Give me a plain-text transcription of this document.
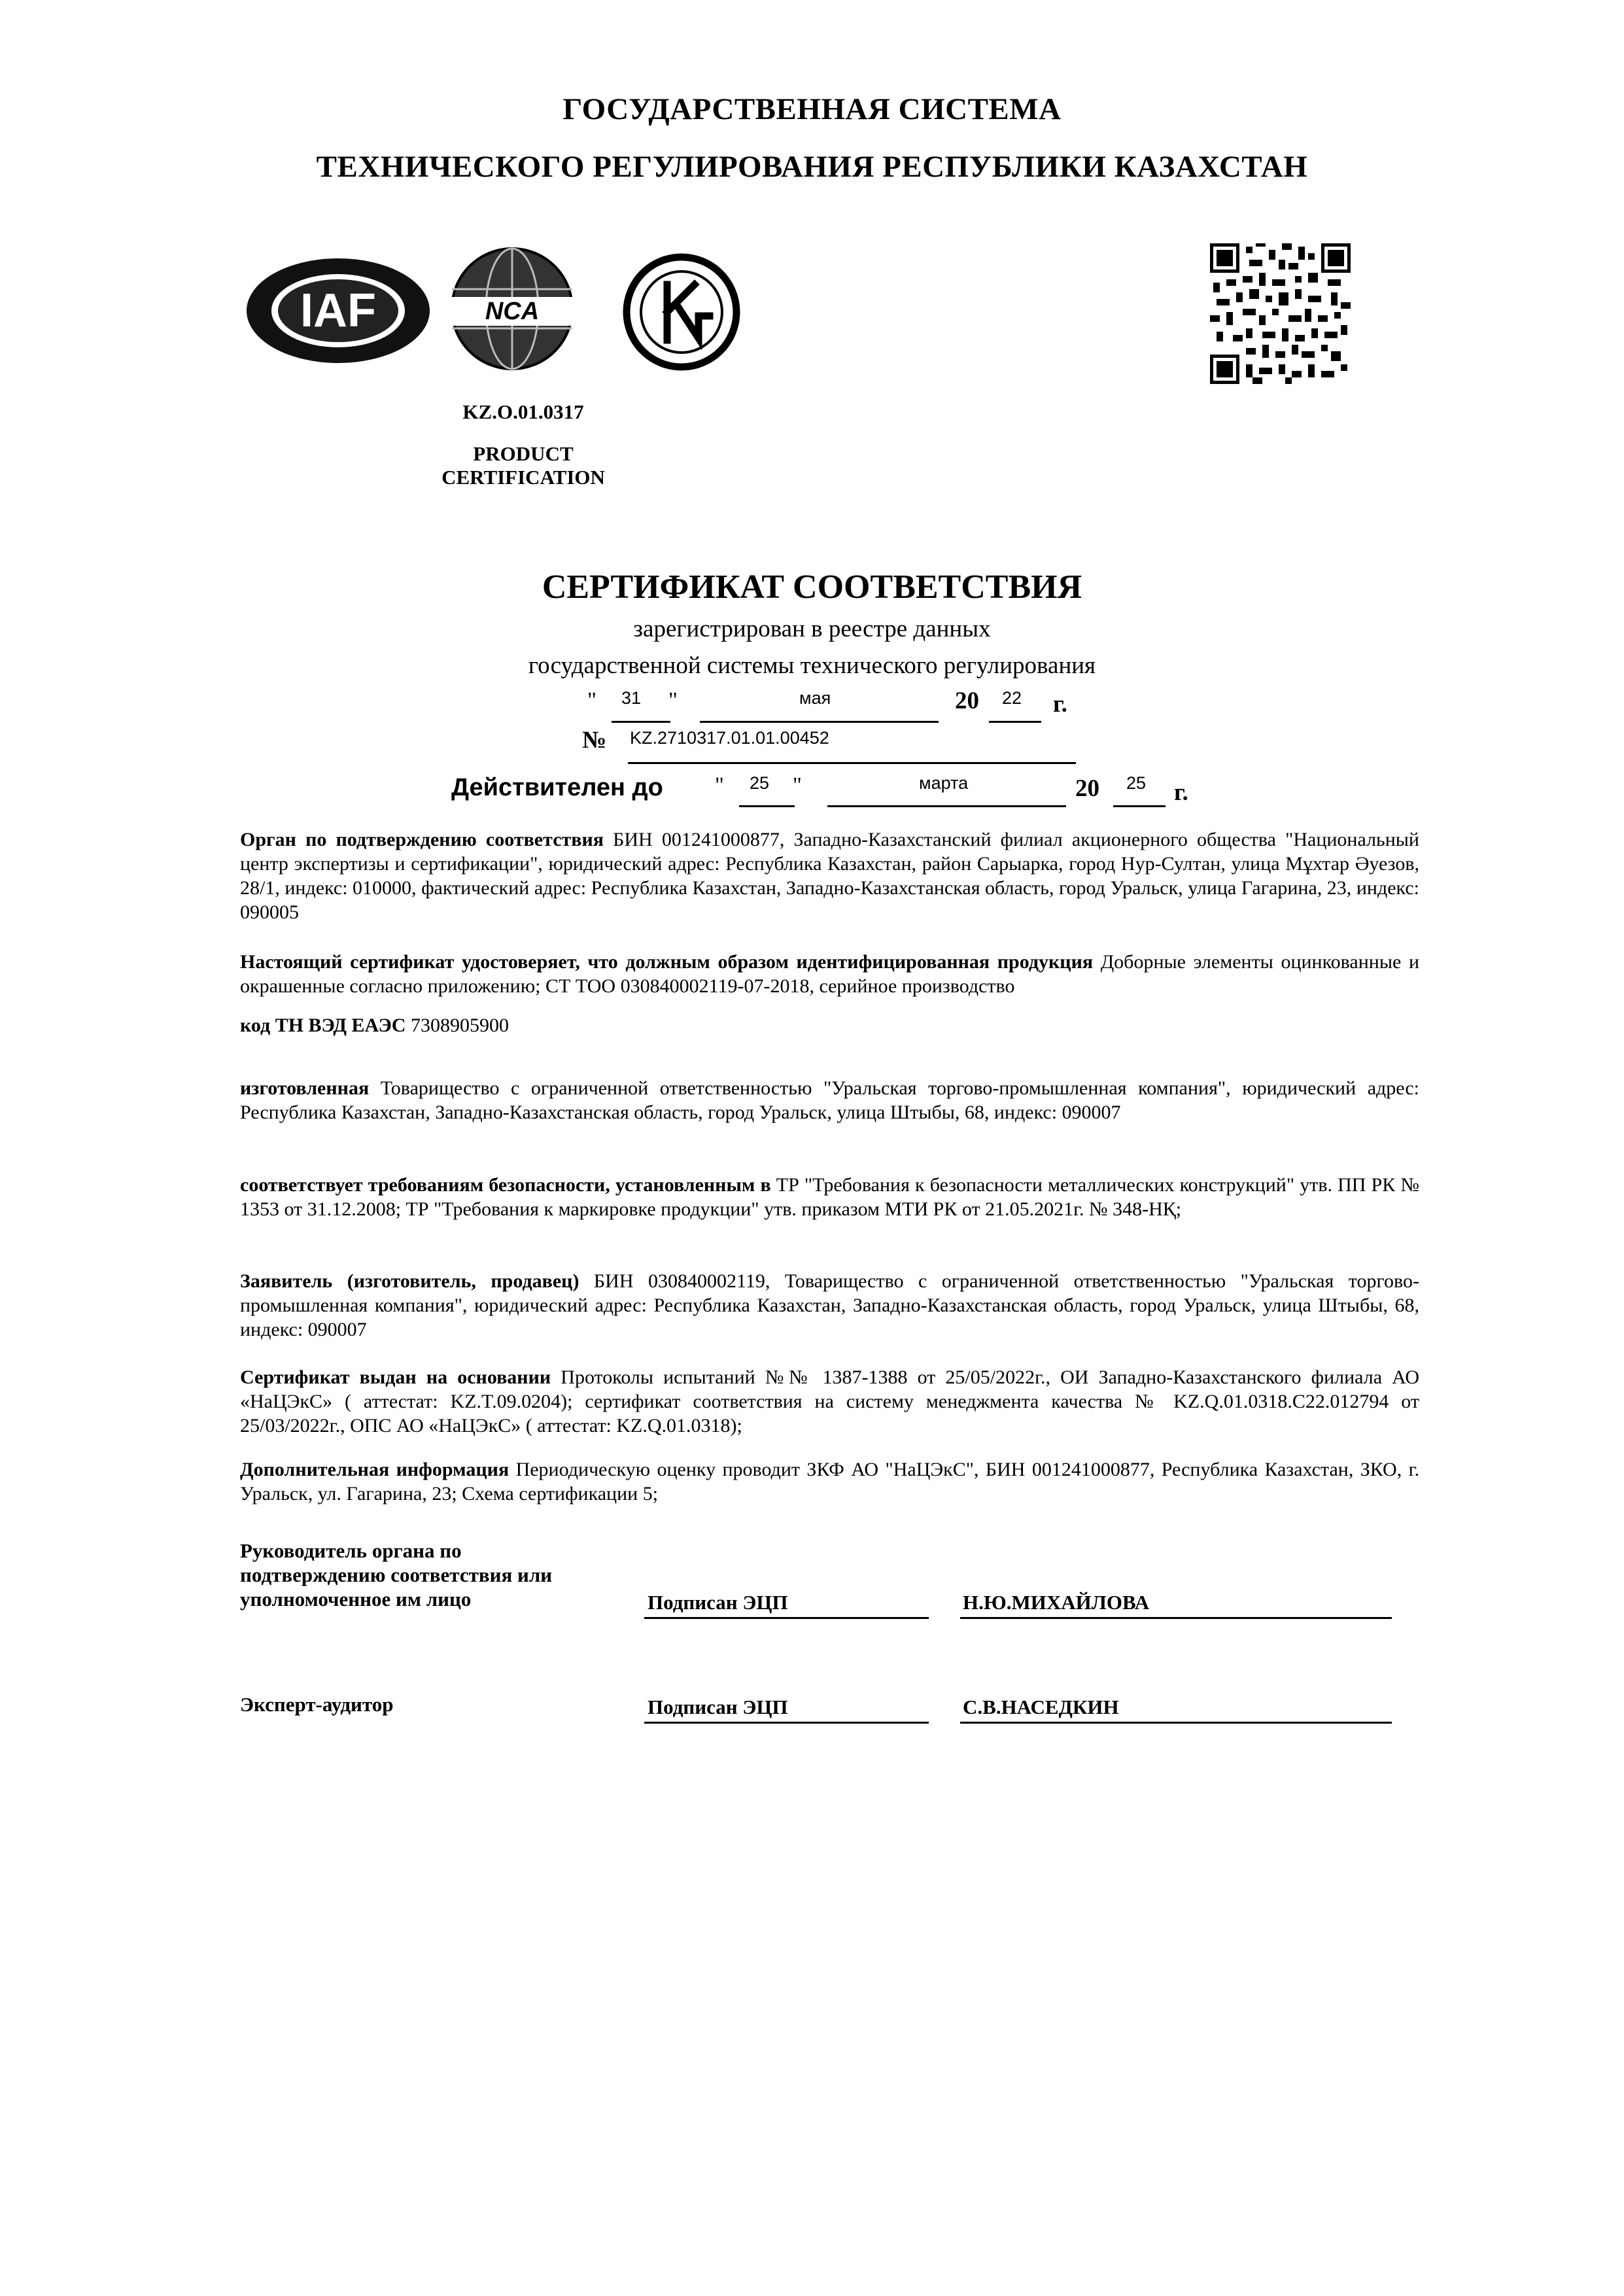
ГОСУДАРСТВЕННАЯ СИСТЕМА
ТЕХНИЧЕСКОГО РЕГУЛИРОВАНИЯ РЕСПУБЛИКИ КАЗАХСТАН
IAF	NCA
KZ.O.01.0317
PRODUCT
CERTIFICATION
СЕРТИФИКАТ СООТВЕТСТВИЯ
зарегистрирован в реестре данных
государственной системы технического регулирования
" 31 "	мая	20 22 г.
№ KZ.2710317.01.01.00452
Действителен до " 25 "	марта	20 25 г.
Орган по подтверждению соответствия БИН 001241000877, Западно-Казахстанский филиал акционерного общества "Национальный центр экспертизы и сертификации", юридический адрес: Республика Казахстан, район Сарыарка, город Нур-Султан, улица Мұхтар Әуезов, 28/1, индекс: 010000, фактический адрес: Республика Казахстан, Западно-Казахстанская область, город Уральск, улица Гагарина, 23, индекс: 090005
Настоящий сертификат удостоверяет, что должным образом идентифицированная продукция Доборные элементы оцинкованные и окрашенные согласно приложению; СТ ТОО 030840002119-07-2018, серийное производство
код ТН ВЭД ЕАЭС 7308905900
изготовленная Товарищество с ограниченной ответственностью "Уральская торгово-промышленная компания", юридический адрес: Республика Казахстан, Западно-Казахстанская область, город Уральск, улица Штыбы, 68, индекс: 090007
соответствует требованиям безопасности, установленным в ТР "Требования к безопасности металлических конструкций" утв. ПП РК № 1353 от 31.12.2008; ТР "Требования к маркировке продукции" утв. приказом МТИ РК от 21.05.2021г. № 348-НҚ;
Заявитель (изготовитель, продавец) БИН 030840002119, Товарищество с ограниченной ответственностью "Уральская торгово-промышленная компания", юридический адрес: Республика Казахстан, Западно-Казахстанская область, город Уральск, улица Штыбы, 68, индекс: 090007
Сертификат выдан на основании Протоколы испытаний №№ 1387-1388 от 25/05/2022г., ОИ Западно-Казахстанского филиала АО «НаЦЭкС» ( аттестат: KZ.T.09.0204); сертификат соответствия на систему менеджмента качества № KZ.Q.01.0318.C22.012794 от 25/03/2022г., ОПС АО «НаЦЭкС» ( аттестат: KZ.Q.01.0318);
Дополнительная информация Периодическую оценку проводит ЗКФ АО "НаЦЭкС", БИН 001241000877, Республика Казахстан, ЗКО, г. Уральск, ул. Гагарина, 23; Схема сертификации 5;
Руководитель органа по
подтверждению соответствия или
уполномоченное им лицо	Подписан ЭЦП	Н.Ю.МИХАЙЛОВА
Эксперт-аудитор	Подписан ЭЦП	С.В.НАСЕДКИН
